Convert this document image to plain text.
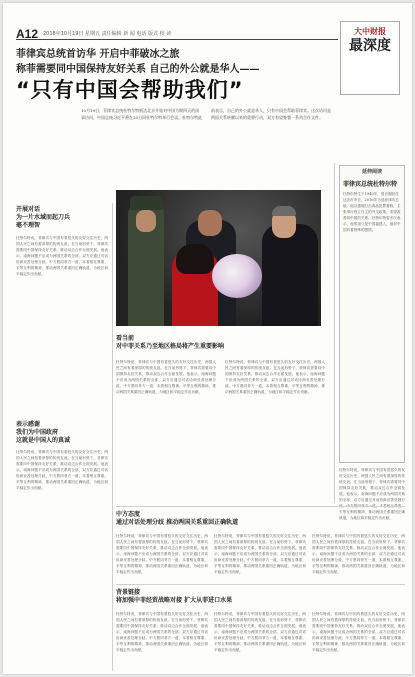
A12 2018年10月19日 星期五 责任编辑 新 闻 电话 版式 校 读	大中财报
最深度
菲律宾总统首访华 开启中菲破冰之旅
称菲需要同中国保持友好关系 自己的外公就是华人——
“只有中国会帮助我们”
10月19日，菲律宾总统杜特尔特抵达北京开始对中国为期四天的国事访问。中国总统习近平将在20日同杜特尔特举行会谈。杜特尔特此前表示，自己的外公就是华人，只有中国会帮助菲律宾。这次访问是两国关系转圜以来的重要行动，双方有望签署一系列合作文件。
开展对话
为一片水域而起刀兵
毫不理智
杜特尔特说，菲律宾与中国有着悠久的友好交往历史，两国人民之间有着深厚的传统友谊。在当前形势下，菲律宾需要同中国保持友好关系，推动双边合作全面发展。他表示，南海问题不应成为两国关系的全部，双方应通过对话协商妥善处理分歧。中方愿同菲方一道，本着相互尊重、平等互利的精神，推动两国关系重回正确轨道，为地区和平稳定作出贡献。
看当前
对中菲关系乃至地区格局将产生重要影响
杜特尔特说，菲律宾与中国有着悠久的友好交往历史，两国人民之间有着深厚的传统友谊。在当前形势下，菲律宾需要同中国保持友好关系，推动双边合作全面发展。他表示，南海问题不应成为两国关系的全部，双方应通过对话协商妥善处理分歧。中方愿同菲方一道，本着相互尊重、平等互利的精神，推动两国关系重回正确轨道，为地区和平稳定作出贡献。
杜特尔特说，菲律宾与中国有着悠久的友好交往历史，两国人民之间有着深厚的传统友谊。在当前形势下，菲律宾需要同中国保持友好关系，推动双边合作全面发展。他表示，南海问题不应成为两国关系的全部，双方应通过对话协商妥善处理分歧。中方愿同菲方一道，本着相互尊重、平等互利的精神，推动两国关系重回正确轨道，为地区和平稳定作出贡献。
表示感谢
我们为中国政府
这就是中国人的真诚
杜特尔特说，菲律宾与中国有着悠久的友好交往历史，两国人民之间有着深厚的传统友谊。在当前形势下，菲律宾需要同中国保持友好关系，推动双边合作全面发展。他表示，南海问题不应成为两国关系的全部，双方应通过对话协商妥善处理分歧。中方愿同菲方一道，本着相互尊重、平等互利的精神，推动两国关系重回正确轨道，为地区和平稳定作出贡献。
延伸阅读
菲律宾总统杜特尔特
杜特尔特生于1945年，曾长期担任达沃市市长，2016年当选菲律宾总统。他以强硬打击毒品犯罪著称，主张奉行独立自主的外交政策，希望改善同中国的关系。杜特尔特曾多次表示，他的祖父是中国福建人，他对中国有着特殊的感情。
杜特尔特说，菲律宾与中国有着悠久的友好交往历史，两国人民之间有着深厚的传统友谊。在当前形势下，菲律宾需要同中国保持友好关系，推动双边合作全面发展。他表示，南海问题不应成为两国关系的全部，双方应通过对话协商妥善处理分歧。中方愿同菲方一道，本着相互尊重、平等互利的精神，推动两国关系重回正确轨道，为地区和平稳定作出贡献。
中方态度
通过对话处理分歧 推动两国关系重回正确轨道
杜特尔特说，菲律宾与中国有着悠久的友好交往历史，两国人民之间有着深厚的传统友谊。在当前形势下，菲律宾需要同中国保持友好关系，推动双边合作全面发展。他表示，南海问题不应成为两国关系的全部，双方应通过对话协商妥善处理分歧。中方愿同菲方一道，本着相互尊重、平等互利的精神，推动两国关系重回正确轨道，为地区和平稳定作出贡献。
杜特尔特说，菲律宾与中国有着悠久的友好交往历史，两国人民之间有着深厚的传统友谊。在当前形势下，菲律宾需要同中国保持友好关系，推动双边合作全面发展。他表示，南海问题不应成为两国关系的全部，双方应通过对话协商妥善处理分歧。中方愿同菲方一道，本着相互尊重、平等互利的精神，推动两国关系重回正确轨道，为地区和平稳定作出贡献。
杜特尔特说，菲律宾与中国有着悠久的友好交往历史，两国人民之间有着深厚的传统友谊。在当前形势下，菲律宾需要同中国保持友好关系，推动双边合作全面发展。他表示，南海问题不应成为两国关系的全部，双方应通过对话协商妥善处理分歧。中方愿同菲方一道，本着相互尊重、平等互利的精神，推动两国关系重回正确轨道，为地区和平稳定作出贡献。
背景链接
将加强中菲经贸战略对接 扩大从菲进口水果
杜特尔特说，菲律宾与中国有着悠久的友好交往历史，两国人民之间有着深厚的传统友谊。在当前形势下，菲律宾需要同中国保持友好关系，推动双边合作全面发展。他表示，南海问题不应成为两国关系的全部，双方应通过对话协商妥善处理分歧。中方愿同菲方一道，本着相互尊重、平等互利的精神，推动两国关系重回正确轨道，为地区和平稳定作出贡献。
杜特尔特说，菲律宾与中国有着悠久的友好交往历史，两国人民之间有着深厚的传统友谊。在当前形势下，菲律宾需要同中国保持友好关系，推动双边合作全面发展。他表示，南海问题不应成为两国关系的全部，双方应通过对话协商妥善处理分歧。中方愿同菲方一道，本着相互尊重、平等互利的精神，推动两国关系重回正确轨道，为地区和平稳定作出贡献。
杜特尔特说，菲律宾与中国有着悠久的友好交往历史，两国人民之间有着深厚的传统友谊。在当前形势下，菲律宾需要同中国保持友好关系，推动双边合作全面发展。他表示，南海问题不应成为两国关系的全部，双方应通过对话协商妥善处理分歧。中方愿同菲方一道，本着相互尊重、平等互利的精神，推动两国关系重回正确轨道，为地区和平稳定作出贡献。
